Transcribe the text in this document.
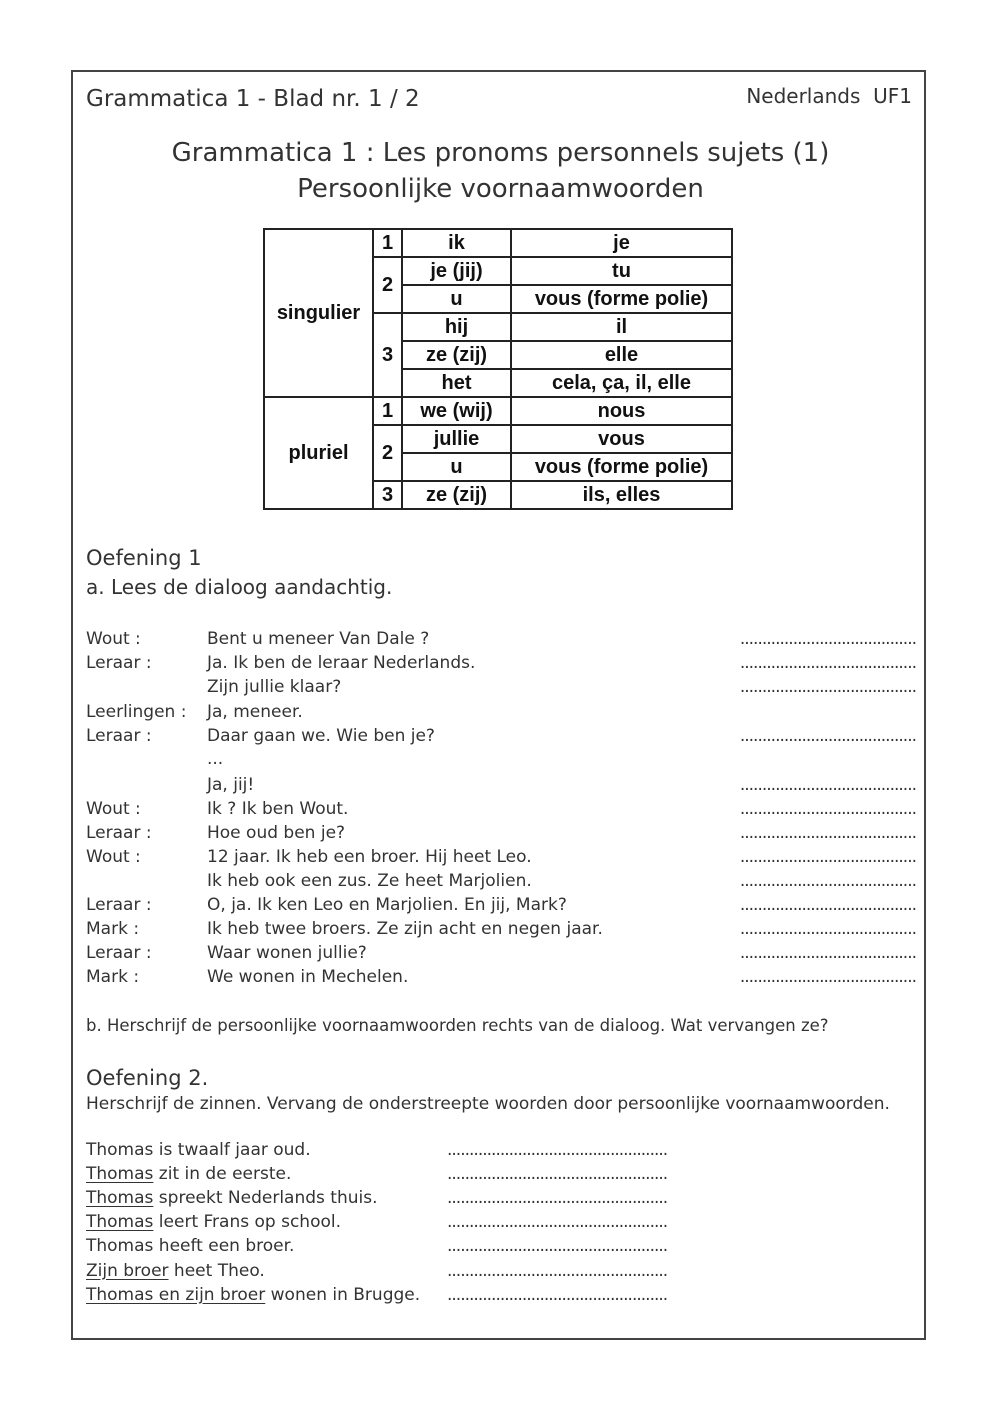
Grammatica 1 - Blad nr. 1 / 2	Nederlands  UF1
Grammatica 1 : Les pronoms personnels sujets (1)
Persoonlijke voornaamwoorden
singulier	1	ik	je
	2	je (jij)	tu
		u	vous (forme polie)
	3	hij	il
		ze (zij)	elle
		het	cela, ça, il, elle
pluriel	1	we (wij)	nous
	2	jullie	vous
		u	vous (forme polie)
	3	ze (zij)	ils, elles
Oefening 1
a. Lees de dialoog aandachtig.
Wout :	Bent u meneer Van Dale ?	........................................
Leraar :	Ja. Ik ben de leraar Nederlands.	........................................
Zijn jullie klaar?	........................................
Leerlingen : Ja, meneer.
Leraar :	Daar gaan we. Wie ben je?	........................................
...
Ja, jij!	........................................
Wout :	Ik ? Ik ben Wout.	........................................
Leraar :	Hoe oud ben je?	........................................
Wout :	12 jaar. Ik heb een broer. Hij heet Leo.	........................................
Ik heb ook een zus. Ze heet Marjolien.	........................................
Leraar :	O, ja. Ik ken Leo en Marjolien. En jij, Mark?	........................................
Mark :	Ik heb twee broers. Ze zijn acht en negen jaar.	........................................
Leraar :	Waar wonen jullie?	........................................
Mark :	We wonen in Mechelen.	........................................
b. Herschrijf de persoonlijke voornaamwoorden rechts van de dialoog. Wat vervangen ze?
Oefening 2.
Herschrijf de zinnen. Vervang de onderstreepte woorden door persoonlijke voornaamwoorden.
Thomas is twaalf jaar oud.	..................................................
Thomas zit in de eerste.	..................................................
Thomas spreekt Nederlands thuis.	..................................................
Thomas leert Frans op school.	..................................................
Thomas heeft een broer.	..................................................
Zijn broer heet Theo.	..................................................
Thomas en zijn broer wonen in Brugge. ..................................................
